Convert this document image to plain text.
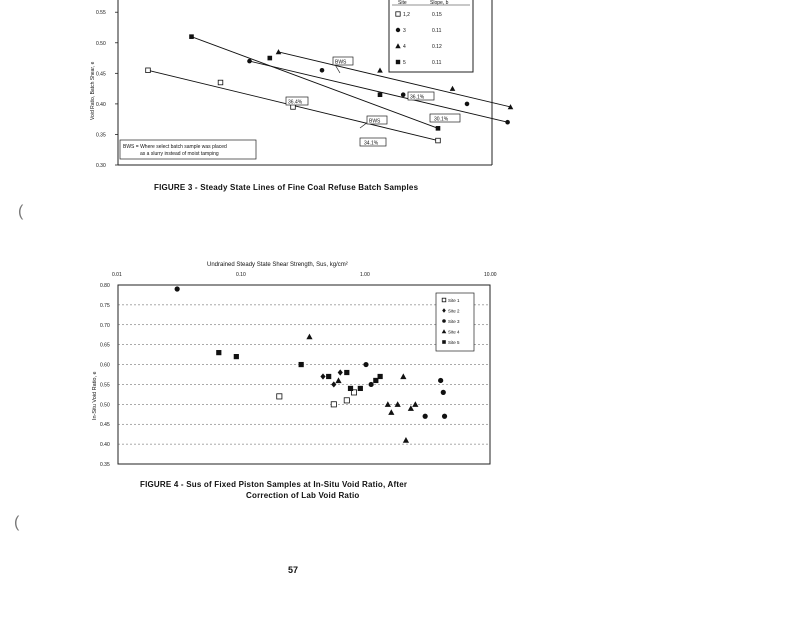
0.55
0.50
0.45
0.40
0.35
0.30
Void Ratio, Batch Shear, e
Site	Slope, b
1,2	0.15
3	0.11
4	0.12
5	0.11
BWS
BWS
36.4%
36.1%
34.1%
30.1%
BWS = Where select batch sample was placed as a slurry instead of moist tamping
FIGURE 3 - Steady State Lines of Fine Coal Refuse Batch Samples
(
(
Undrained Steady State Shear Strength, Sus, kg/cm²
0.01	0.10	1.00	10.00
0.80
0.75
0.70
0.65
0.60
0.55
0.50
0.45
0.40
0.35
In-Situ Void Ratio, e
Site 1
Site 2
Site 3
Site 4
Site 5
FIGURE 4 - Sus of Fixed Piston Samples at In-Situ Void Ratio, After
Correction of Lab Void Ratio
57
